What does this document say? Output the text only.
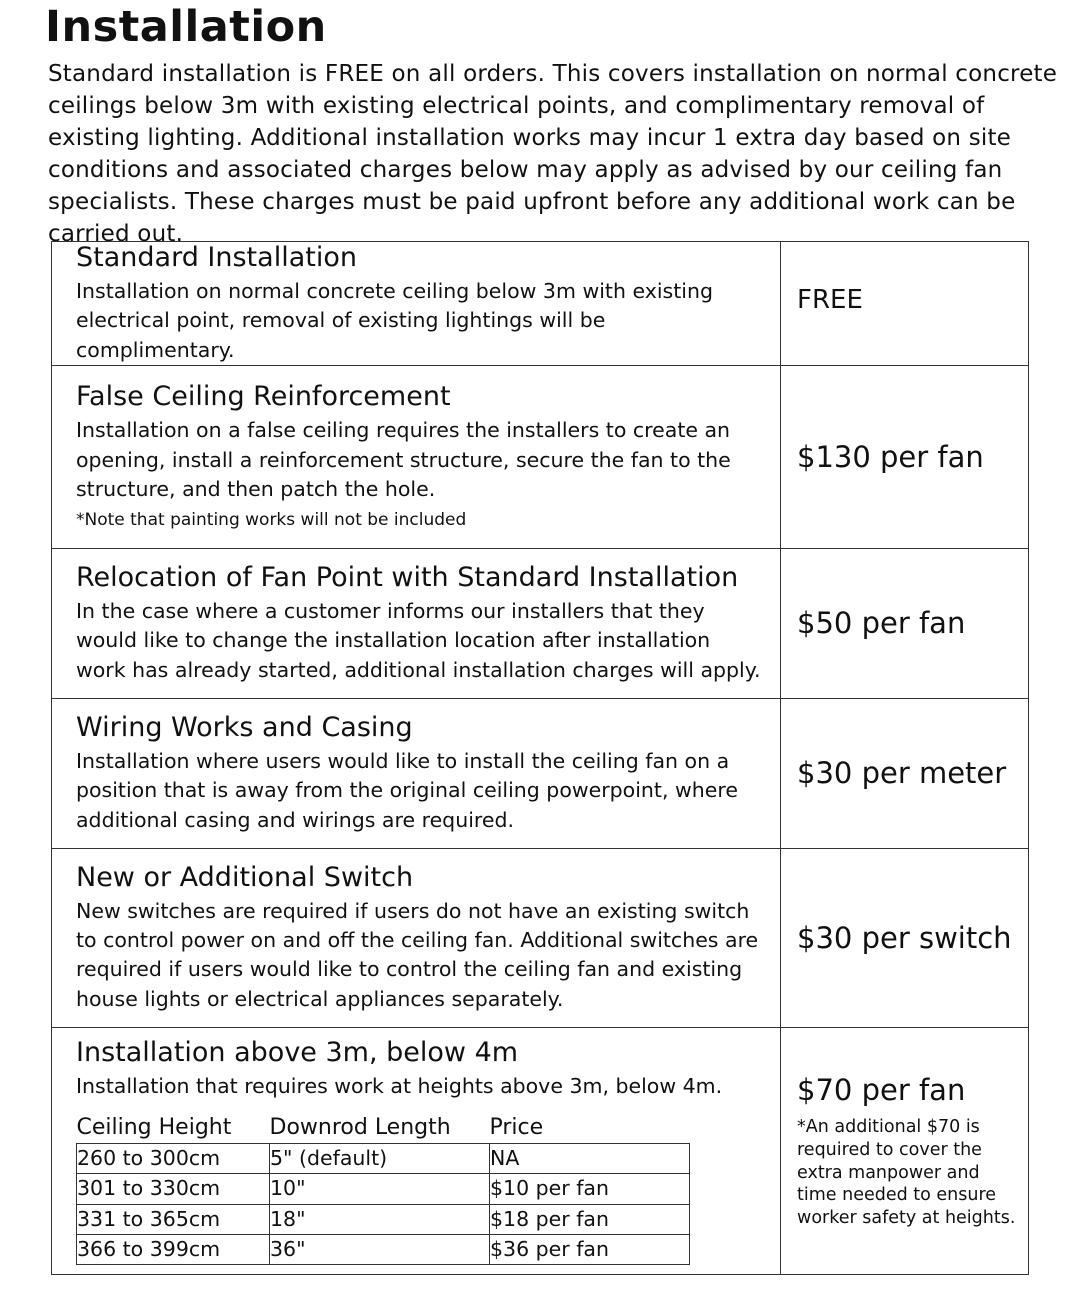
Installation
Standard installation is FREE on all orders. This covers installation on normal concrete ceilings below 3m with existing electrical points, and complimentary removal of existing lighting. Additional installation works may incur 1 extra day based on site conditions and associated charges below may apply as advised by our ceiling fan specialists. These charges must be paid upfront before any additional work can be carried out.
Standard Installation
Installation on normal concrete ceiling below 3m with existing electrical point, removal of existing lightings will be complimentary.

FREE

False Ceiling Reinforcement
Installation on a false ceiling requires the installers to create an opening, install a reinforcement structure, secure the fan to the structure, and then patch the hole.
*Note that painting works will not be included

$130 per fan

Relocation of Fan Point with Standard Installation
In the case where a customer informs our installers that they would like to change the installation location after installation work has already started, additional installation charges will apply.

$50 per fan

Wiring Works and Casing
Installation where users would like to install the ceiling fan on a position that is away from the original ceiling powerpoint, where additional casing and wirings are required.

$30 per meter

New or Additional Switch
New switches are required if users do not have an existing switch to control power on and off the ceiling fan. Additional switches are required if users would like to control the ceiling fan and existing house lights or electrical appliances separately.

$30 per switch

Installation above 3m, below 4m
Installation that requires work at heights above 3m, below 4m.
Ceiling Height	Downrod Length	Price
260 to 300cm	5" (default)	NA
301 to 330cm	10"	$10 per fan
331 to 365cm	18"	$18 per fan
366 to 399cm	36"	$36 per fan

$70 per fan
*An additional $70 is required to cover the extra manpower and time needed to ensure worker safety at heights.
